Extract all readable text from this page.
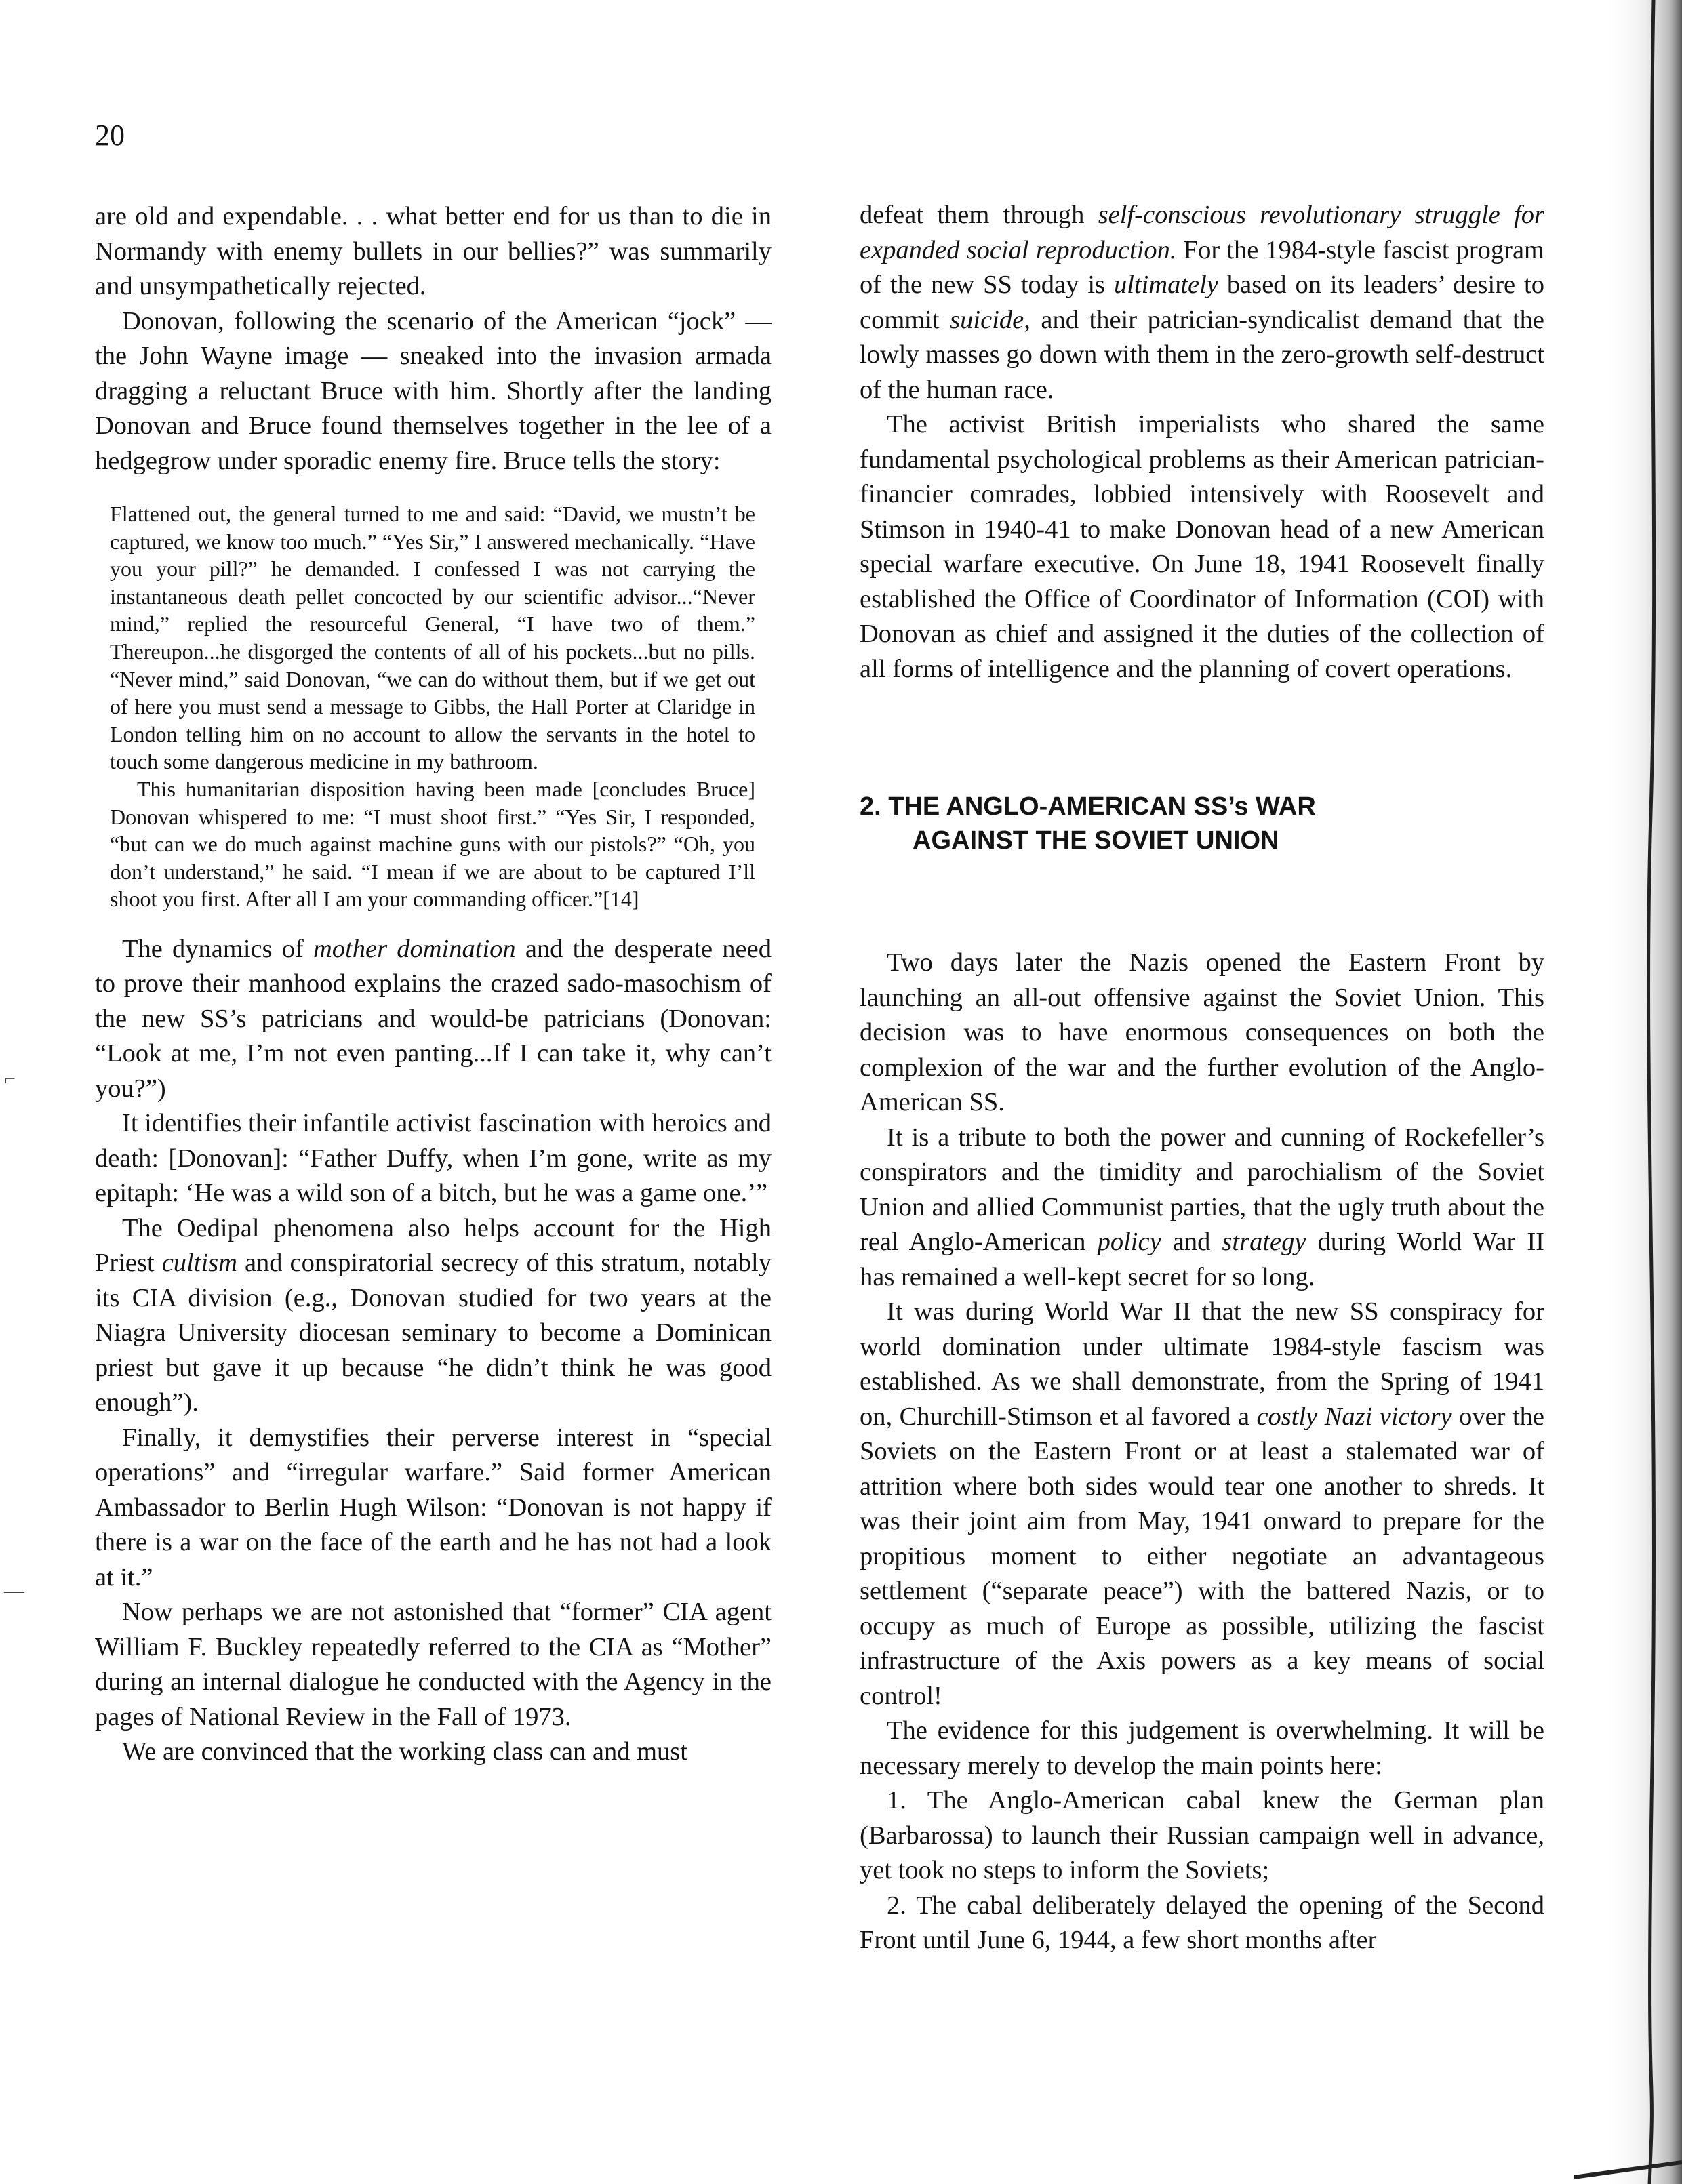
20

are old and expendable. . . what better end for us than to die in Normandy with enemy bullets in our bellies?” was summarily and unsympathetically rejected.

Donovan, following the scenario of the American “jock” — the John Wayne image — sneaked into the invasion armada dragging a reluctant Bruce with him. Shortly after the landing Donovan and Bruce found themselves together in the lee of a hedgegrow under sporadic enemy fire. Bruce tells the story:

Flattened out, the general turned to me and said: “David, we mustn’t be captured, we know too much.” “Yes Sir,” I answered mechanically. “Have you your pill?” he demanded. I confessed I was not carrying the instantaneous death pellet concocted by our scientific advisor...“Never mind,” replied the resourceful General, “I have two of them.” Thereupon...he disgorged the contents of all of his pockets...but no pills. “Never mind,” said Donovan, “we can do without them, but if we get out of here you must send a message to Gibbs, the Hall Porter at Claridge in London telling him on no account to allow the servants in the hotel to touch some dangerous medicine in my bathroom.

This humanitarian disposition having been made [concludes Bruce] Donovan whispered to me: “I must shoot first.” “Yes Sir, I responded, “but can we do much against machine guns with our pistols?” “Oh, you don’t understand,” he said. “I mean if we are about to be captured I’ll shoot you first. After all I am your commanding officer.”[14]

The dynamics of mother domination and the desperate need to prove their manhood explains the crazed sado-masochism of the new SS’s patricians and would-be patricians (Donovan: “Look at me, I’m not even panting...If I can take it, why can’t you?”)

It identifies their infantile activist fascination with heroics and death: [Donovan]: “Father Duffy, when I’m gone, write as my epitaph: ‘He was a wild son of a bitch, but he was a game one.’”

The Oedipal phenomena also helps account for the High Priest cultism and conspiratorial secrecy of this stratum, notably its CIA division (e.g., Donovan studied for two years at the Niagra University diocesan seminary to become a Dominican priest but gave it up because “he didn’t think he was good enough”).

Finally, it demystifies their perverse interest in “special operations” and “irregular warfare.” Said former American Ambassador to Berlin Hugh Wilson: “Donovan is not happy if there is a war on the face of the earth and he has not had a look at it.”

Now perhaps we are not astonished that “former” CIA agent William F. Buckley repeatedly referred to the CIA as “Mother” during an internal dialogue he conducted with the Agency in the pages of National Review in the Fall of 1973.

We are convinced that the working class can and must

defeat them through self-conscious revolutionary struggle for expanded social reproduction. For the 1984-style fascist program of the new SS today is ultimately based on its leaders’ desire to commit suicide, and their patrician-syndicalist demand that the lowly masses go down with them in the zero-growth self-destruct of the human race.

The activist British imperialists who shared the same fundamental psychological problems as their American patrician-financier comrades, lobbied intensively with Roosevelt and Stimson in 1940-41 to make Donovan head of a new American special warfare executive. On June 18, 1941 Roosevelt finally established the Office of Coordinator of Information (COI) with Donovan as chief and assigned it the duties of the collection of all forms of intelligence and the planning of covert operations.

2. THE ANGLO-AMERICAN SS’s WAR
AGAINST THE SOVIET UNION

Two days later the Nazis opened the Eastern Front by launching an all-out offensive against the Soviet Union. This decision was to have enormous consequences on both the complexion of the war and the further evolution of the Anglo-American SS.

It is a tribute to both the power and cunning of Rockefeller’s conspirators and the timidity and parochialism of the Soviet Union and allied Communist parties, that the ugly truth about the real Anglo-American policy and strategy during World War II has remained a well-kept secret for so long.

It was during World War II that the new SS conspiracy for world domination under ultimate 1984-style fascism was established. As we shall demonstrate, from the Spring of 1941 on, Churchill-Stimson et al favored a costly Nazi victory over the Soviets on the Eastern Front or at least a stalemated war of attrition where both sides would tear one another to shreds. It was their joint aim from May, 1941 onward to prepare for the propitious moment to either negotiate an advantageous settlement (“separate peace”) with the battered Nazis, or to occupy as much of Europe as possible, utilizing the fascist infrastructure of the Axis powers as a key means of social control!

The evidence for this judgement is overwhelming. It will be necessary merely to develop the main points here:

1. The Anglo-American cabal knew the German plan (Barbarossa) to launch their Russian campaign well in advance, yet took no steps to inform the Soviets;

2. The cabal deliberately delayed the opening of the Second Front until June 6, 1944, a few short months after

⌐
—
